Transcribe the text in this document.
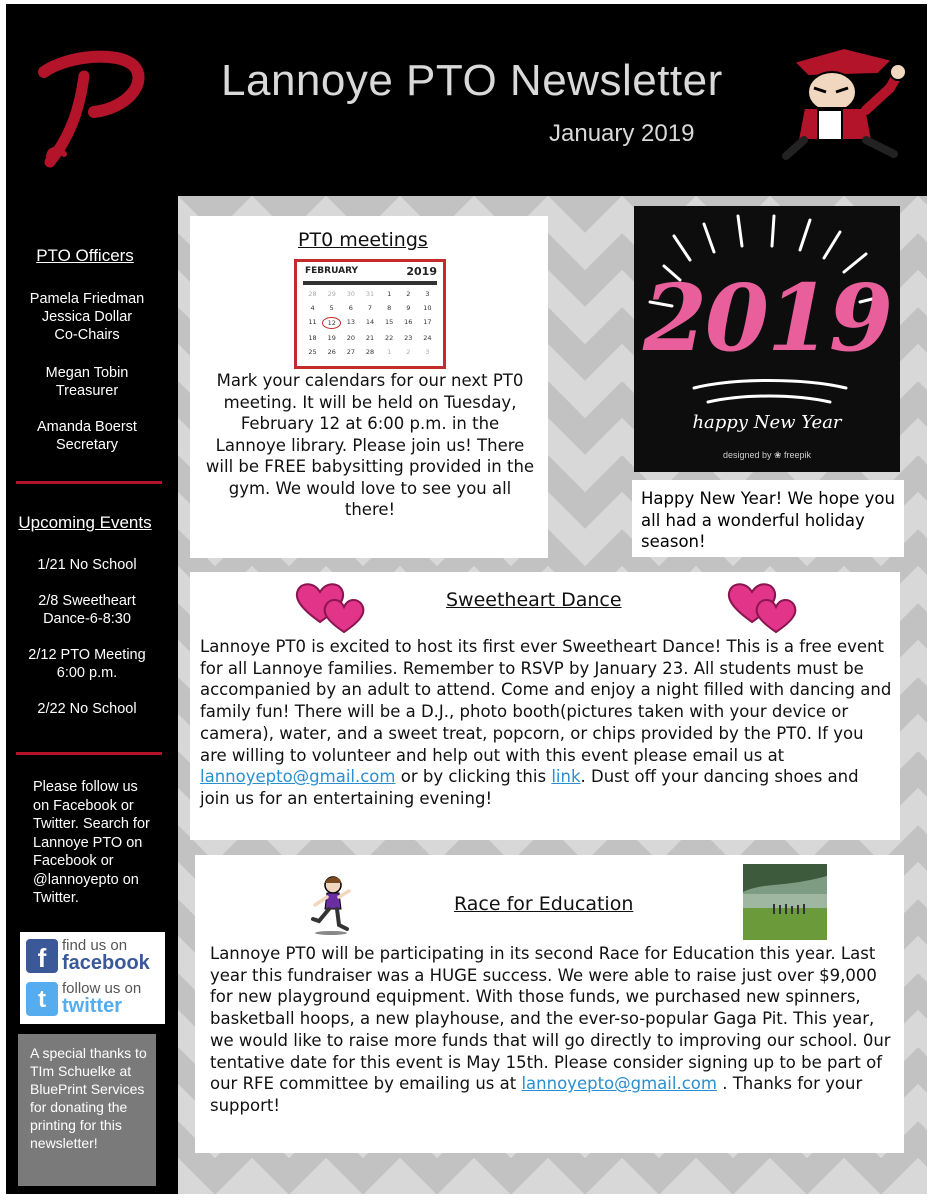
Lannoye PTO Newsletter
January 2019
PTO Officers
Pamela Friedman
Jessica Dollar
Co-Chairs
Megan Tobin
Treasurer
Amanda Boerst
Secretary
Upcoming Events
1/21 No School
2/8 Sweetheart
Dance-6-8:30
2/12 PTO Meeting
6:00 p.m.
2/22 No School
Please follow us on Facebook or Twitter. Search for Lannoye PTO on Facebook or @lannoyepto on Twitter.
f	find us on
facebook
t	follow us on
twitter
A special thanks to TIm Schuelke at BluePrint Services for donating the printing for this newsletter!
PT0 meetings
FEBRUARY	2019
28	29	30	31	1	2	3
4	5	6	7	8	9	10
11	12	13	14	15	16	17
18	19	20	21	22	23	24
25	26	27	28	1	2	3
Mark your calendars for our next PT0 meeting. It will be held on Tuesday, February 12 at 6:00 p.m. in the Lannoye library. Please join us! There will be FREE babysitting provided in the gym. We would love to see you all there!
2019
happy New Year
designed by ❀ freepik
Happy New Year! We hope you all had a wonderful holiday season!
Sweetheart Dance
Lannoye PT0 is excited to host its first ever Sweetheart Dance! This is a free event for all Lannoye families. Remember to RSVP by January 23. All students must be accompanied by an adult to attend. Come and enjoy a night filled with dancing and family fun! There will be a D.J., photo booth(pictures taken with your device or camera), water, and a sweet treat, popcorn, or chips provided by the PT0. If you are willing to volunteer and help out with this event please email us at lannoyepto@gmail.com or by clicking this link. Dust off your dancing shoes and join us for an entertaining evening!
Race for Education
Lannoye PT0 will be participating in its second Race for Education this year. Last year this fundraiser was a HUGE success. We were able to raise just over $9,000 for new playground equipment. With those funds, we purchased new spinners, basketball hoops, a new playhouse, and the ever-so-popular Gaga Pit. This year, we would like to raise more funds that will go directly to improving our school. 0ur tentative date for this event is May 15th. Please consider signing up to be part of our RFE committee by emailing us at lannoyepto@gmail.com . Thanks for your support!
